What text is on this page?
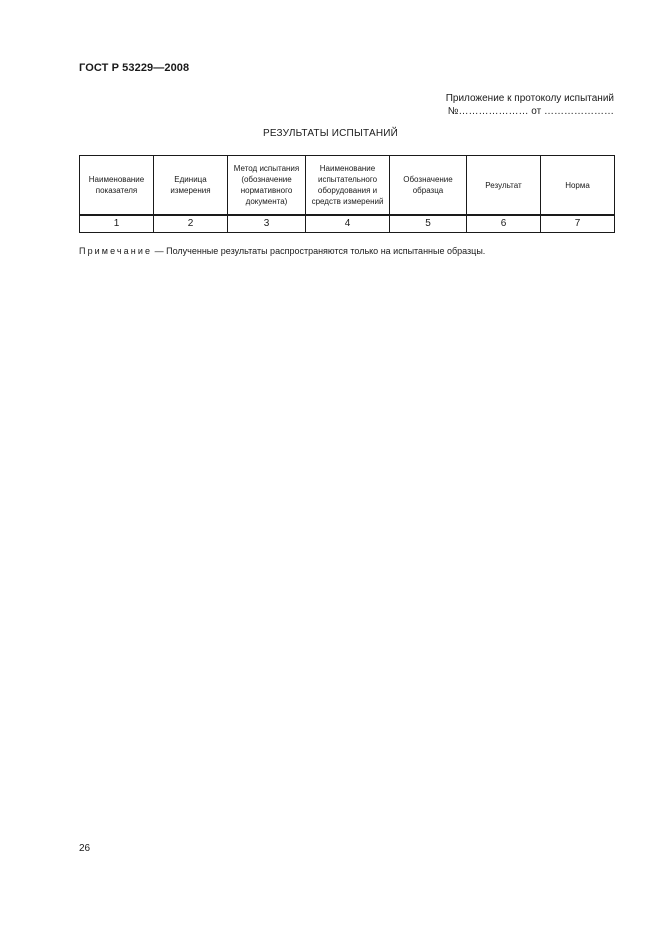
ГОСТ Р 53229—2008
Приложение к протоколу испытаний
№………………… от …………………
РЕЗУЛЬТАТЫ ИСПЫТАНИЙ
Наименование показателя	Единица измерения	Метод испытания (обозначение нормативного документа)	Наименование испытательного оборудования и средств измерений	Обозначение образца	Результат	Норма
1	2	3	4	5	6	7
Примечание — Полученные результаты распространяются только на испытанные образцы.
26
